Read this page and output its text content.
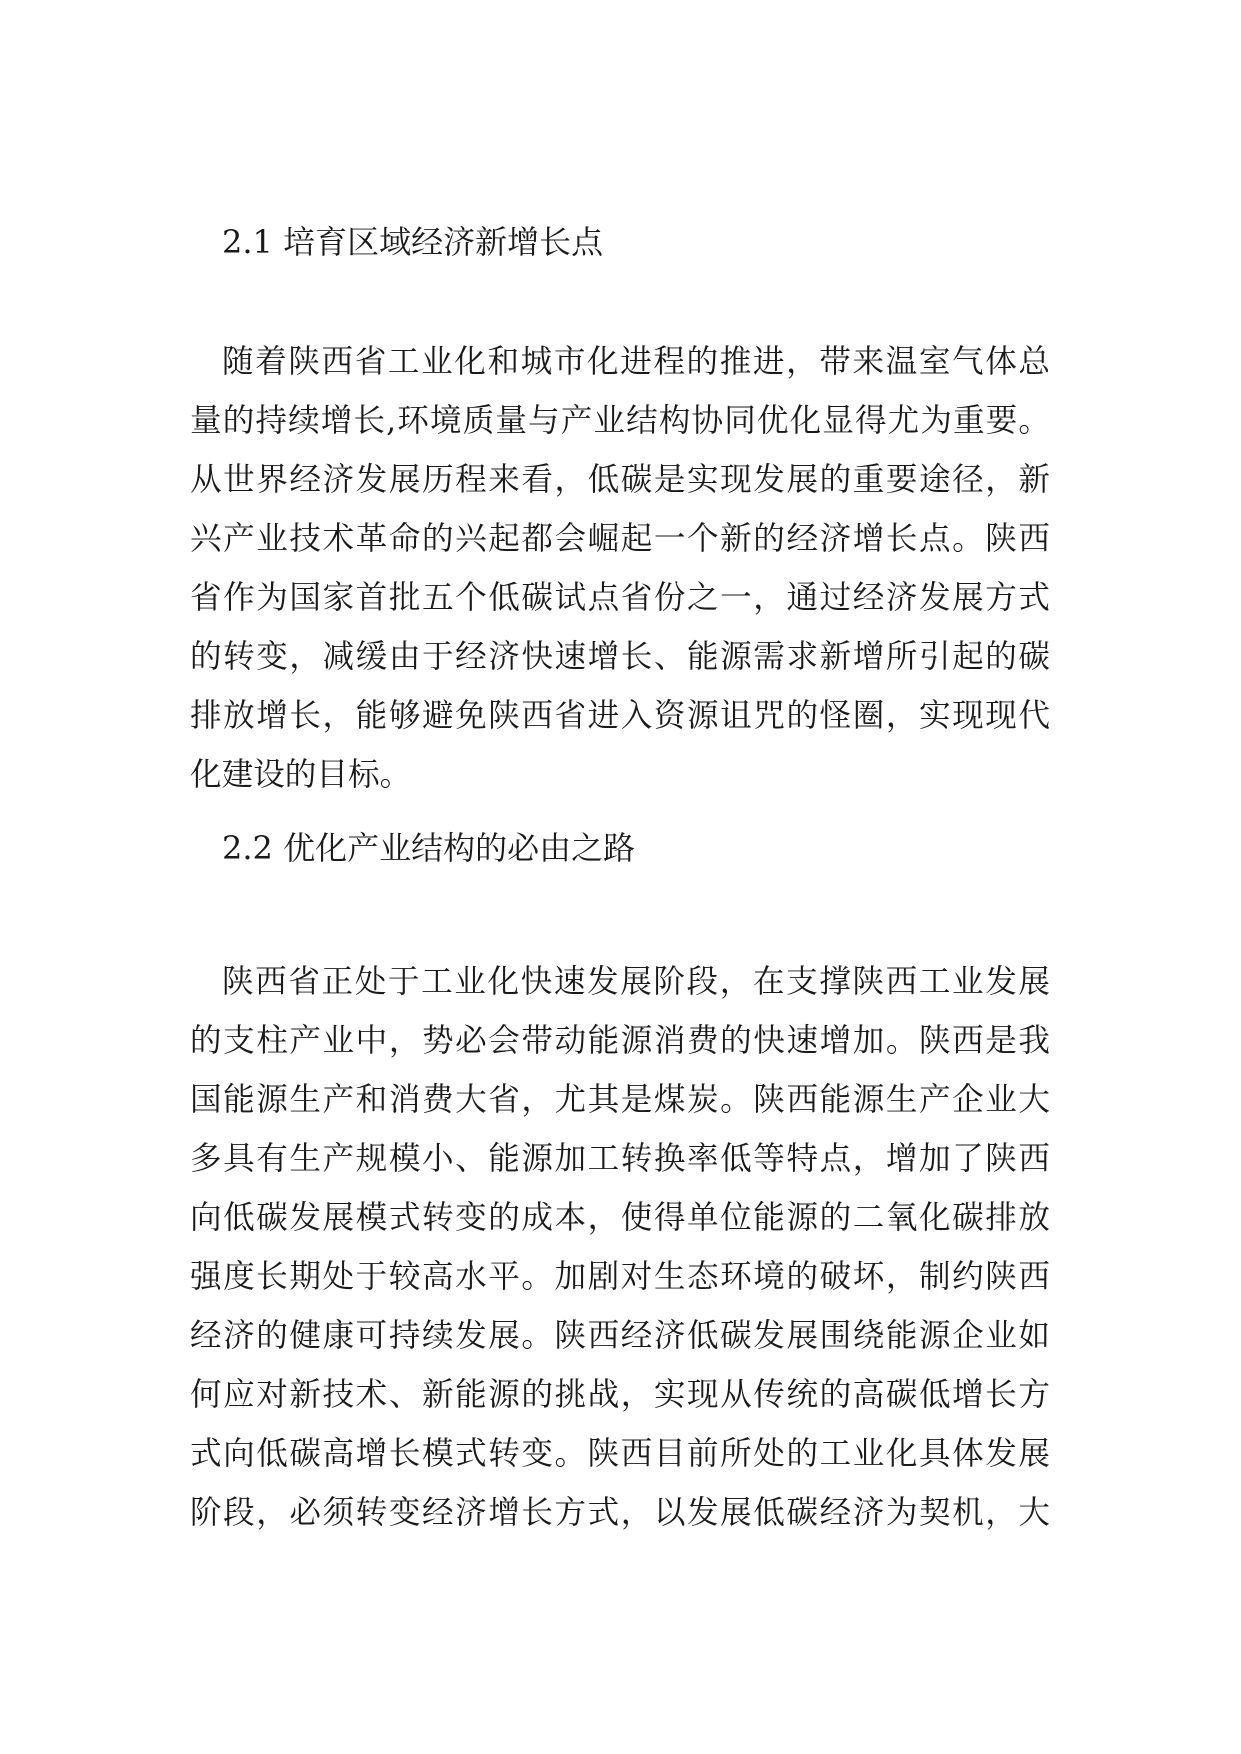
2.1 培育区域经济新增长点
随着陕西省工业化和城市化进程的推进，带来温室气体总
量的持续增长,环境质量与产业结构协同优化显得尤为重要。
从世界经济发展历程来看，低碳是实现发展的重要途径，新
兴产业技术革命的兴起都会崛起一个新的经济增长点。陕西
省作为国家首批五个低碳试点省份之一，通过经济发展方式
的转变，减缓由于经济快速增长、能源需求新增所引起的碳
排放增长，能够避免陕西省进入资源诅咒的怪圈，实现现代
化建设的目标。
2.2 优化产业结构的必由之路
陕西省正处于工业化快速发展阶段，在支撑陕西工业发展
的支柱产业中，势必会带动能源消费的快速增加。陕西是我
国能源生产和消费大省，尤其是煤炭。陕西能源生产企业大
多具有生产规模小、能源加工转换率低等特点，增加了陕西
向低碳发展模式转变的成本，使得单位能源的二氧化碳排放
强度长期处于较高水平。加剧对生态环境的破坏，制约陕西
经济的健康可持续发展。陕西经济低碳发展围绕能源企业如
何应对新技术、新能源的挑战，实现从传统的高碳低增长方
式向低碳高增长模式转变。陕西目前所处的工业化具体发展
阶段，必须转变经济增长方式，以发展低碳经济为契机，大
